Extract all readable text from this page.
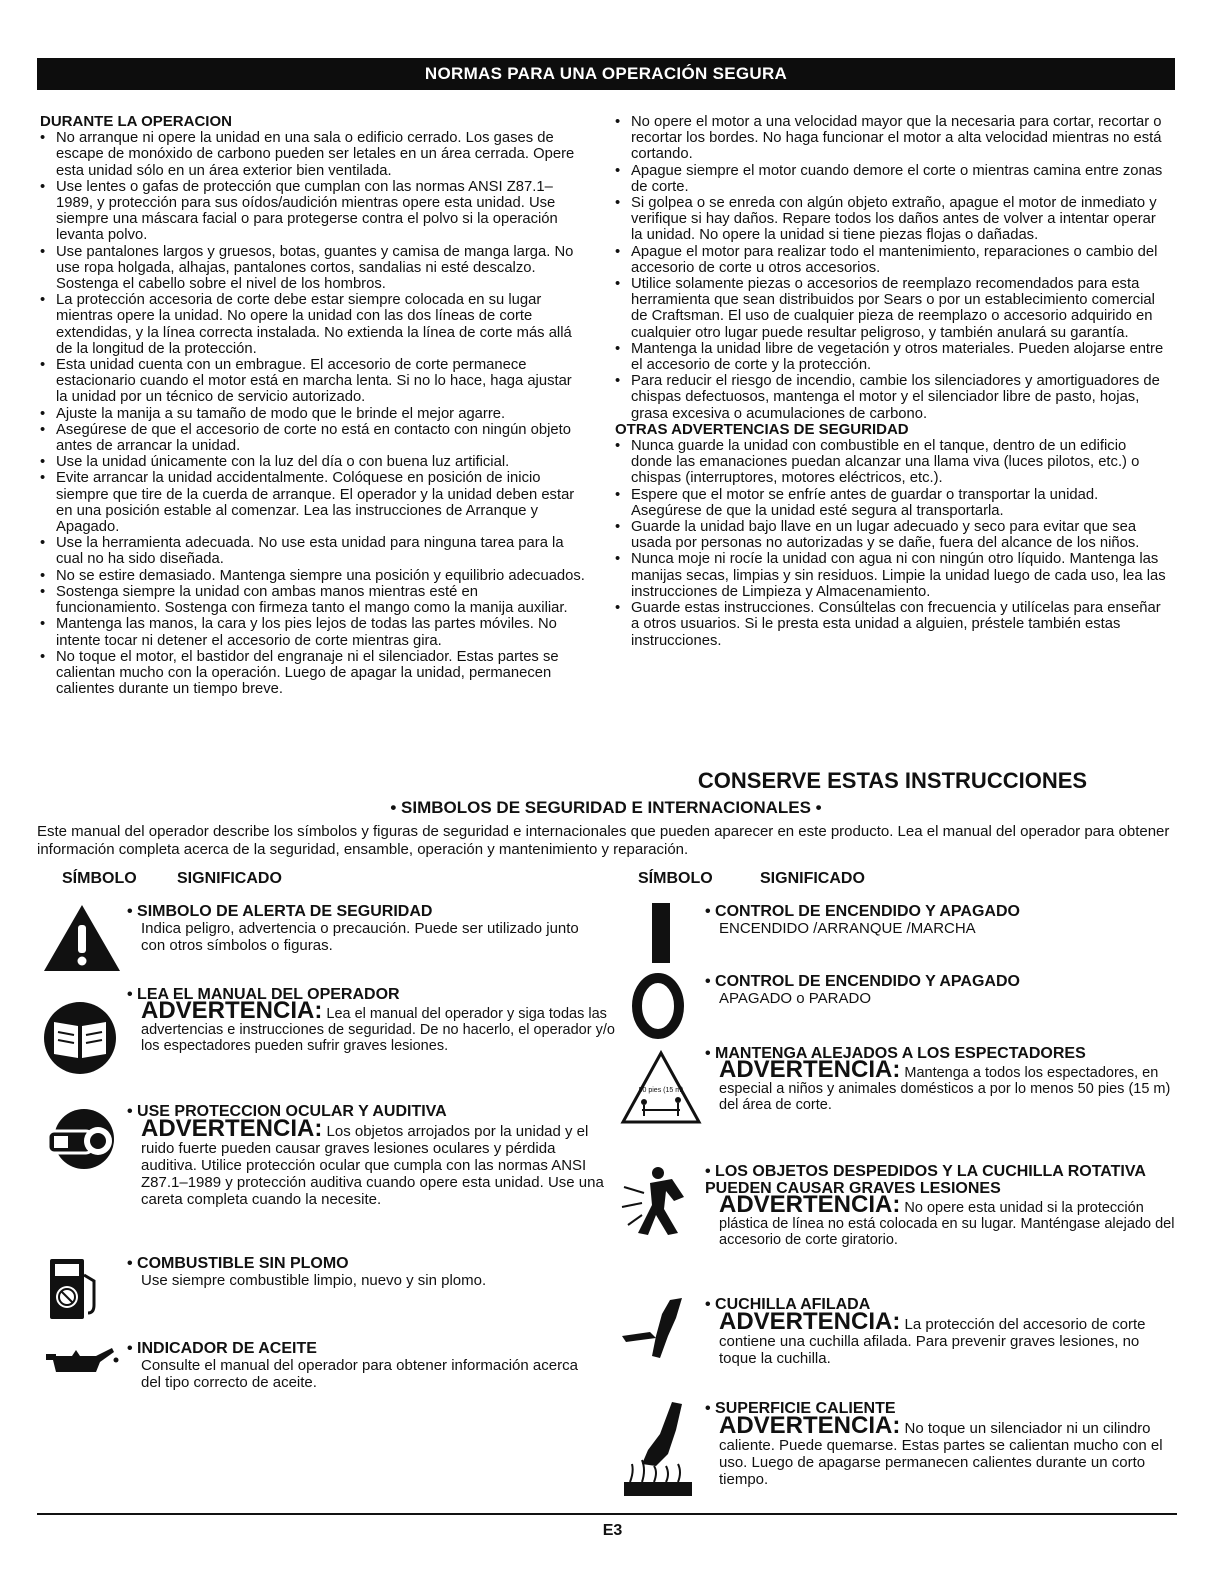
NORMAS PARA UNA OPERACIÓN SEGURA
DURANTE LA OPERACION
• No arranque ni opere la unidad en una sala o edificio cerrado. Los gases de escape de monóxido de carbono pueden ser letales en un área cerrada. Opere esta unidad sólo en un área exterior bien ventilada.
• Use lentes o gafas de protección que cumplan con las normas ANSI Z87.1–1989, y protección para sus oídos/audición mientras opere esta unidad. Use siempre una máscara facial o para protegerse contra el polvo si la operación levanta polvo.
• Use pantalones largos y gruesos, botas, guantes y camisa de manga larga. No use ropa holgada, alhajas, pantalones cortos, sandalias ni esté descalzo. Sostenga el cabello sobre el nivel de los hombros.
• La protección accesoria de corte debe estar siempre colocada en su lugar mientras opere la unidad. No opere la unidad con las dos líneas de corte extendidas, y la línea correcta instalada. No extienda la línea de corte más allá de la longitud de la protección.
• Esta unidad cuenta con un embrague. El accesorio de corte permanece estacionario cuando el motor está en marcha lenta. Si no lo hace, haga ajustar la unidad por un técnico de servicio autorizado.
• Ajuste la manija a su tamaño de modo que le brinde el mejor agarre.
• Asegúrese de que el accesorio de corte no está en contacto con ningún objeto antes de arrancar la unidad.
• Use la unidad únicamente con la luz del día o con buena luz artificial.
• Evite arrancar la unidad accidentalmente. Colóquese en posición de inicio siempre que tire de la cuerda de arranque. El operador y la unidad deben estar en una posición estable al comenzar. Lea las instrucciones de Arranque y Apagado.
• Use la herramienta adecuada. No use esta unidad para ninguna tarea para la cual no ha sido diseñada.
• No se estire demasiado. Mantenga siempre una posición y equilibrio adecuados.
• Sostenga siempre la unidad con ambas manos mientras esté en funcionamiento. Sostenga con firmeza tanto el mango como la manija auxiliar.
• Mantenga las manos, la cara y los pies lejos de todas las partes móviles. No intente tocar ni detener el accesorio de corte mientras gira.
• No toque el motor, el bastidor del engranaje ni el silenciador. Estas partes se calientan mucho con la operación. Luego de apagar la unidad, permanecen calientes durante un tiempo breve.
• No opere el motor a una velocidad mayor que la necesaria para cortar, recortar o recortar los bordes. No haga funcionar el motor a alta velocidad mientras no está cortando.
• Apague siempre el motor cuando demore el corte o mientras camina entre zonas de corte.
• Si golpea o se enreda con algún objeto extraño, apague el motor de inmediato y verifique si hay daños. Repare todos los daños antes de volver a intentar operar la unidad. No opere la unidad si tiene piezas flojas o dañadas.
• Apague el motor para realizar todo el mantenimiento, reparaciones o cambio del accesorio de corte u otros accesorios.
• Utilice solamente piezas o accesorios de reemplazo recomendados para esta herramienta que sean distribuidos por Sears o por un establecimiento comercial de Craftsman. El uso de cualquier pieza de reemplazo o accesorio adquirido en cualquier otro lugar puede resultar peligroso, y también anulará su garantía.
• Mantenga la unidad libre de vegetación y otros materiales. Pueden alojarse entre el accesorio de corte y la protección.
• Para reducir el riesgo de incendio, cambie los silenciadores y amortiguadores de chispas defectuosos, mantenga el motor y el silenciador libre de pasto, hojas, grasa excesiva o acumulaciones de carbono.
OTRAS ADVERTENCIAS DE SEGURIDAD
• Nunca guarde la unidad con combustible en el tanque, dentro de un edificio donde las emanaciones puedan alcanzar una llama viva (luces pilotos, etc.) o chispas (interruptores, motores eléctricos, etc.).
• Espere que el motor se enfríe antes de guardar o transportar la unidad. Asegúrese de que la unidad esté segura al transportarla.
• Guarde la unidad bajo llave en un lugar adecuado y seco para evitar que sea usada por personas no autorizadas y se dañe, fuera del alcance de los niños.
• Nunca moje ni rocíe la unidad con agua ni con ningún otro líquido. Mantenga las manijas secas, limpias y sin residuos. Limpie la unidad luego de cada uso, lea las instrucciones de Limpieza y Almacenamiento.
• Guarde estas instrucciones. Consúltelas con frecuencia y utilícelas para enseñar a otros usuarios. Si le presta esta unidad a alguien, préstele también estas instrucciones.
CONSERVE ESTAS INSTRUCCIONES
• SIMBOLOS DE SEGURIDAD E INTERNACIONALES •
Este manual del operador describe los símbolos y figuras de seguridad e internacionales que pueden aparecer en este producto. Lea el manual del operador para obtener información completa acerca de la seguridad, ensamble, operación y mantenimiento y reparación.
SÍMBOLO	SIGNIFICADO	SÍMBOLO	SIGNIFICADO
• SIMBOLO DE ALERTA DE SEGURIDAD
Indica peligro, advertencia o precaución. Puede ser utilizado junto con otros símbolos o figuras.
• LEA EL MANUAL DEL OPERADOR
ADVERTENCIA: Lea el manual del operador y siga todas las advertencias e instrucciones de seguridad. De no hacerlo, el operador y/o los espectadores pueden sufrir graves lesiones.
• USE PROTECCION OCULAR Y AUDITIVA
ADVERTENCIA: Los objetos arrojados por la unidad y el ruido fuerte pueden causar graves lesiones oculares y pérdida auditiva. Utilice protección ocular que cumpla con las normas ANSI Z87.1–1989 y protección auditiva cuando opere esta unidad. Use una careta completa cuando la necesite.
• COMBUSTIBLE SIN PLOMO
Use siempre combustible limpio, nuevo y sin plomo.
• INDICADOR DE ACEITE
Consulte el manual del operador para obtener información acerca del tipo correcto de aceite.
• CONTROL DE ENCENDIDO Y APAGADO
ENCENDIDO /ARRANQUE /MARCHA
• CONTROL DE ENCENDIDO Y APAGADO
APAGADO o PARADO
50 pies (15 m)
• MANTENGA ALEJADOS A LOS ESPECTADORES
ADVERTENCIA: Mantenga a todos los espectadores, en especial a niños y animales domésticos a por lo menos 50 pies (15 m) del área de corte.
• LOS OBJETOS DESPEDIDOS Y LA CUCHILLA ROTATIVA PUEDEN CAUSAR GRAVES LESIONES
ADVERTENCIA: No opere esta unidad si la protección plástica de línea no está colocada en su lugar. Manténgase alejado del accesorio de corte giratorio.
• CUCHILLA AFILADA
ADVERTENCIA: La protección del accesorio de corte contiene una cuchilla afilada. Para prevenir graves lesiones, no toque la cuchilla.
• SUPERFICIE CALIENTE
ADVERTENCIA: No toque un silenciador ni un cilindro caliente. Puede quemarse. Estas partes se calientan mucho con el uso. Luego de apagarse permanecen calientes durante un corto tiempo.
E3
